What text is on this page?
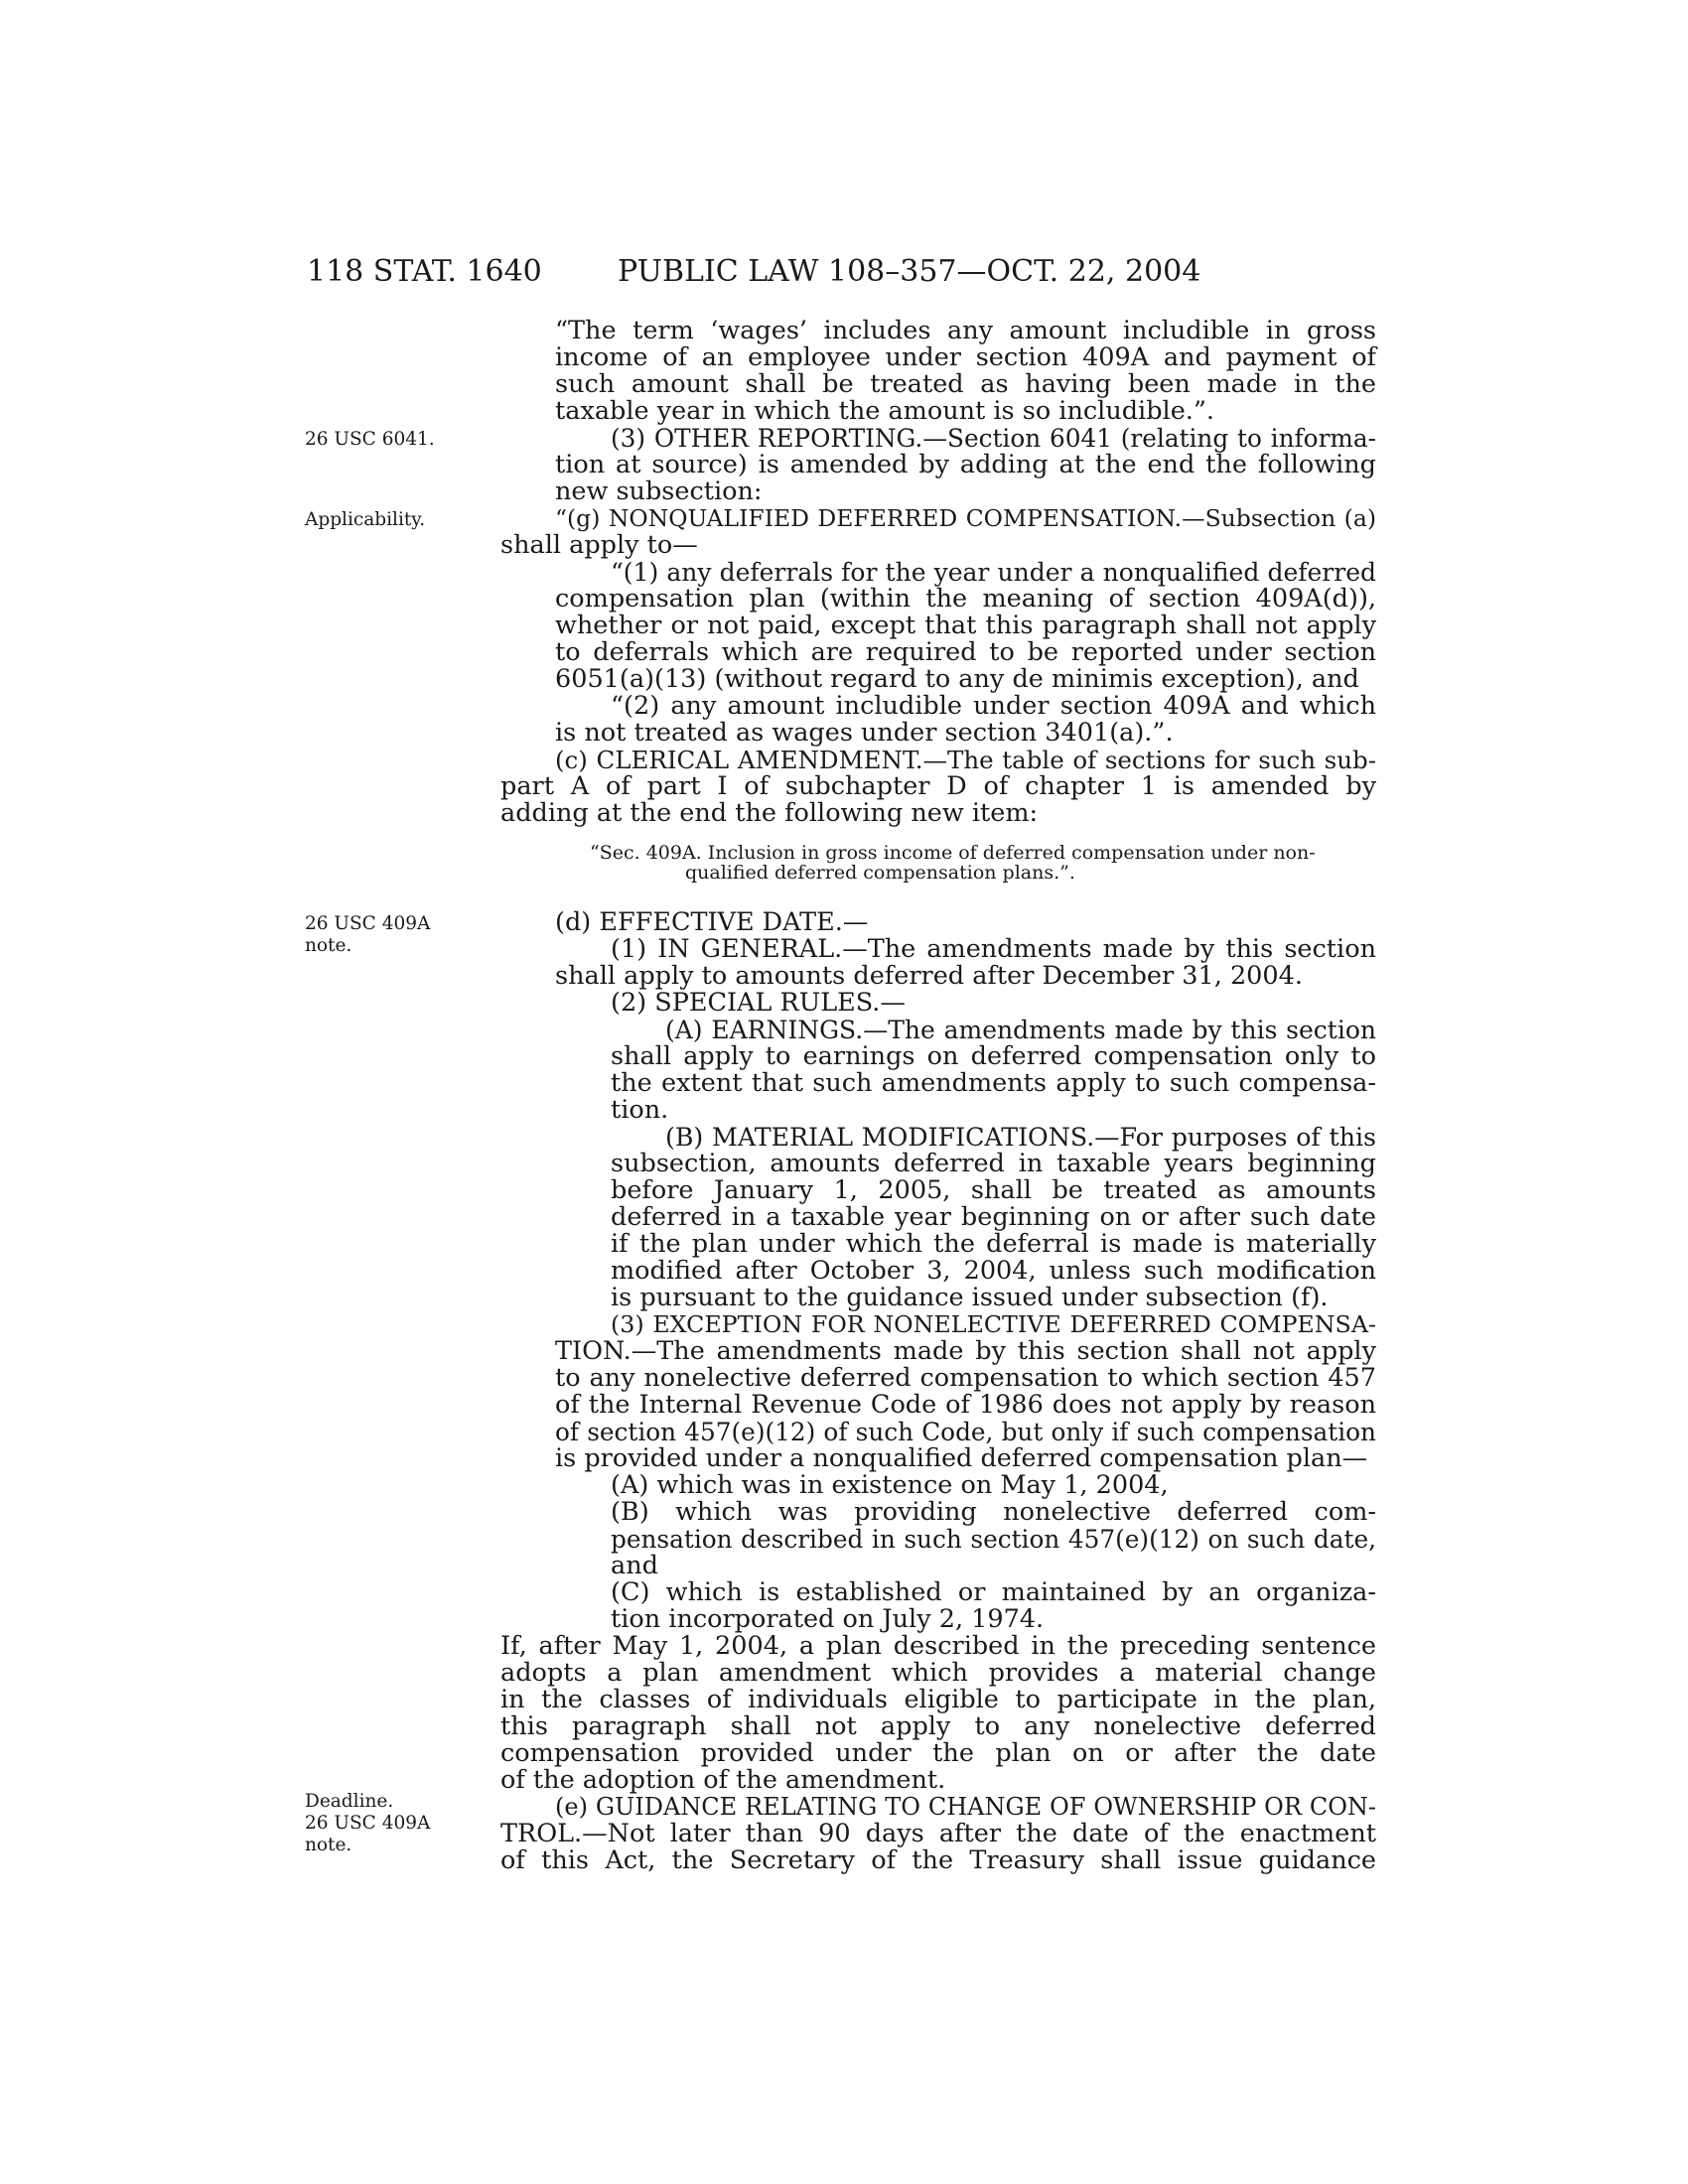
118 STAT. 1640	PUBLIC LAW 108–357—OCT. 22, 2004
26 USC 6041.
Applicability.
26 USC 409A
note.
Deadline.
26 USC 409A
note.
“The term ‘wages’ includes any amount includible in gross
income of an employee under section 409A and payment of
such amount shall be treated as having been made in the
taxable year in which the amount is so includible.”.
(3) OTHER REPORTING.—Section 6041 (relating to informa-
tion at source) is amended by adding at the end the following
new subsection:
“(g) NONQUALIFIED DEFERRED COMPENSATION.—Subsection (a)
shall apply to—
“(1) any deferrals for the year under a nonqualified deferred
compensation plan (within the meaning of section 409A(d)),
whether or not paid, except that this paragraph shall not apply
to deferrals which are required to be reported under section
6051(a)(13) (without regard to any de minimis exception), and
“(2) any amount includible under section 409A and which
is not treated as wages under section 3401(a).”.
(c) CLERICAL AMENDMENT.—The table of sections for such sub-
part A of part I of subchapter D of chapter 1 is amended by
adding at the end the following new item:
“Sec. 409A. Inclusion in gross income of deferred compensation under non-
qualified deferred compensation plans.”.
(d) EFFECTIVE DATE.—
(1) IN GENERAL.—The amendments made by this section
shall apply to amounts deferred after December 31, 2004.
(2) SPECIAL RULES.—
(A) EARNINGS.—The amendments made by this section
shall apply to earnings on deferred compensation only to
the extent that such amendments apply to such compensa-
tion.
(B) MATERIAL MODIFICATIONS.—For purposes of this
subsection, amounts deferred in taxable years beginning
before January 1, 2005, shall be treated as amounts
deferred in a taxable year beginning on or after such date
if the plan under which the deferral is made is materially
modified after October 3, 2004, unless such modification
is pursuant to the guidance issued under subsection (f).
(3) EXCEPTION FOR NONELECTIVE DEFERRED COMPENSA-
TION.—The amendments made by this section shall not apply
to any nonelective deferred compensation to which section 457
of the Internal Revenue Code of 1986 does not apply by reason
of section 457(e)(12) of such Code, but only if such compensation
is provided under a nonqualified deferred compensation plan—
(A) which was in existence on May 1, 2004,
(B) which was providing nonelective deferred com-
pensation described in such section 457(e)(12) on such date,
and
(C) which is established or maintained by an organiza-
tion incorporated on July 2, 1974.
If, after May 1, 2004, a plan described in the preceding sentence
adopts a plan amendment which provides a material change
in the classes of individuals eligible to participate in the plan,
this paragraph shall not apply to any nonelective deferred
compensation provided under the plan on or after the date
of the adoption of the amendment.
(e) GUIDANCE RELATING TO CHANGE OF OWNERSHIP OR CON-
TROL.—Not later than 90 days after the date of the enactment
of this Act, the Secretary of the Treasury shall issue guidance
